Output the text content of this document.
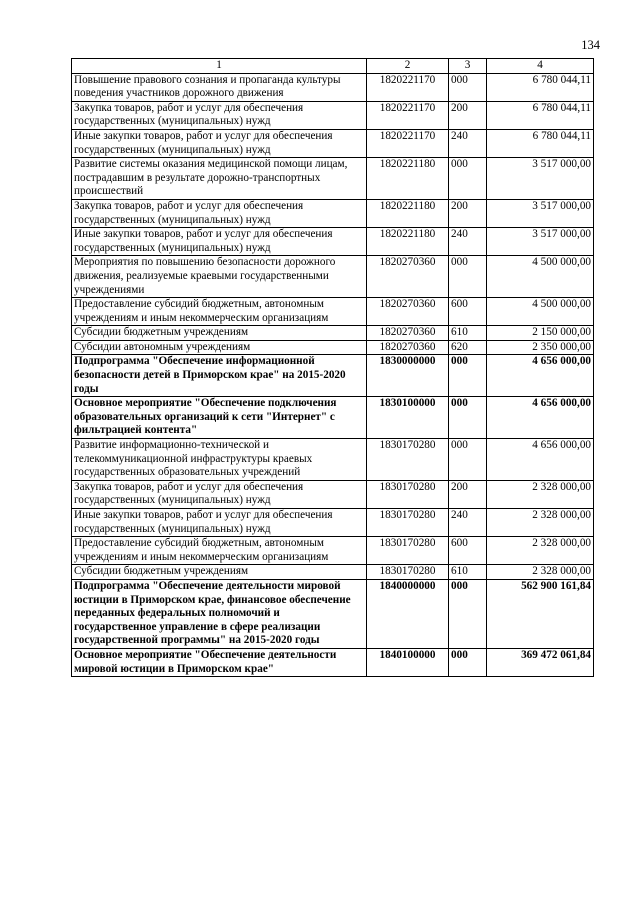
134
1	2	3	4
Повышение правового сознания и пропаганда культуры поведения участников дорожного движения	1820221170	000	6 780 044,11
Закупка товаров, работ и услуг для обеспечения государственных (муниципальных) нужд	1820221170	200	6 780 044,11
Иные закупки товаров, работ и услуг для обеспечения государственных (муниципальных) нужд	1820221170	240	6 780 044,11
Развитие системы оказания медицинской помощи лицам, пострадавшим в результате дорожно-транспортных происшествий	1820221180	000	3 517 000,00
Закупка товаров, работ и услуг для обеспечения государственных (муниципальных) нужд	1820221180	200	3 517 000,00
Иные закупки товаров, работ и услуг для обеспечения государственных (муниципальных) нужд	1820221180	240	3 517 000,00
Мероприятия по повышению безопасности дорожного движения, реализуемые краевыми государственными учреждениями	1820270360	000	4 500 000,00
Предоставление субсидий бюджетным, автономным учреждениям и иным некоммерческим организациям	1820270360	600	4 500 000,00
Субсидии бюджетным учреждениям	1820270360	610	2 150 000,00
Субсидии автономным учреждениям	1820270360	620	2 350 000,00
Подпрограмма "Обеспечение информационной безопасности детей в Приморском крае" на 2015-2020 годы	1830000000	000	4 656 000,00
Основное мероприятие "Обеспечение подключения образовательных организаций к сети "Интернет" с фильтрацией контента"	1830100000	000	4 656 000,00
Развитие информационно-технической и телекоммуникационной инфраструктуры краевых государственных образовательных учреждений	1830170280	000	4 656 000,00
Закупка товаров, работ и услуг для обеспечения государственных (муниципальных) нужд	1830170280	200	2 328 000,00
Иные закупки товаров, работ и услуг для обеспечения государственных (муниципальных) нужд	1830170280	240	2 328 000,00
Предоставление субсидий бюджетным, автономным учреждениям и иным некоммерческим организациям	1830170280	600	2 328 000,00
Субсидии бюджетным учреждениям	1830170280	610	2 328 000,00
Подпрограмма "Обеспечение деятельности мировой юстиции в Приморском крае, финансовое обеспечение переданных федеральных полномочий и государственное управление в сфере реализации государственной программы" на 2015-2020 годы	1840000000	000	562 900 161,84
Основное мероприятие "Обеспечение деятельности мировой юстиции в Приморском крае"	1840100000	000	369 472 061,84
